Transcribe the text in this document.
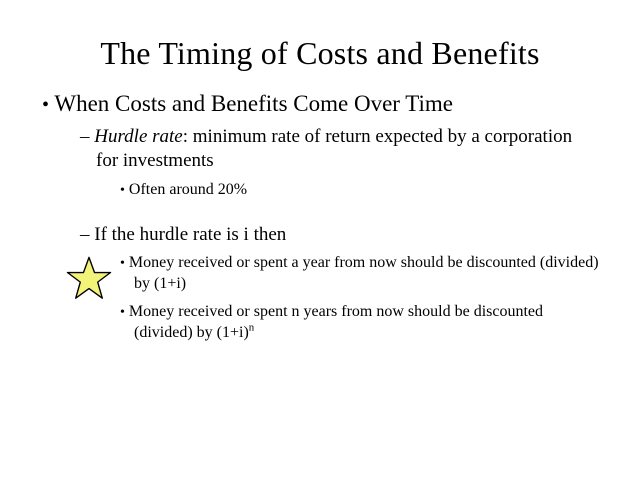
The Timing of Costs and Benefits

• When Costs and Benefits Come Over Time

– Hurdle rate: minimum rate of return expected by a corporation for investments

• Often around 20%

– If the hurdle rate is i then

• Money received or spent a year from now should be discounted (divided) by (1+i)

• Money received or spent n years from now should be discounted (divided) by $(1+i)^n$
